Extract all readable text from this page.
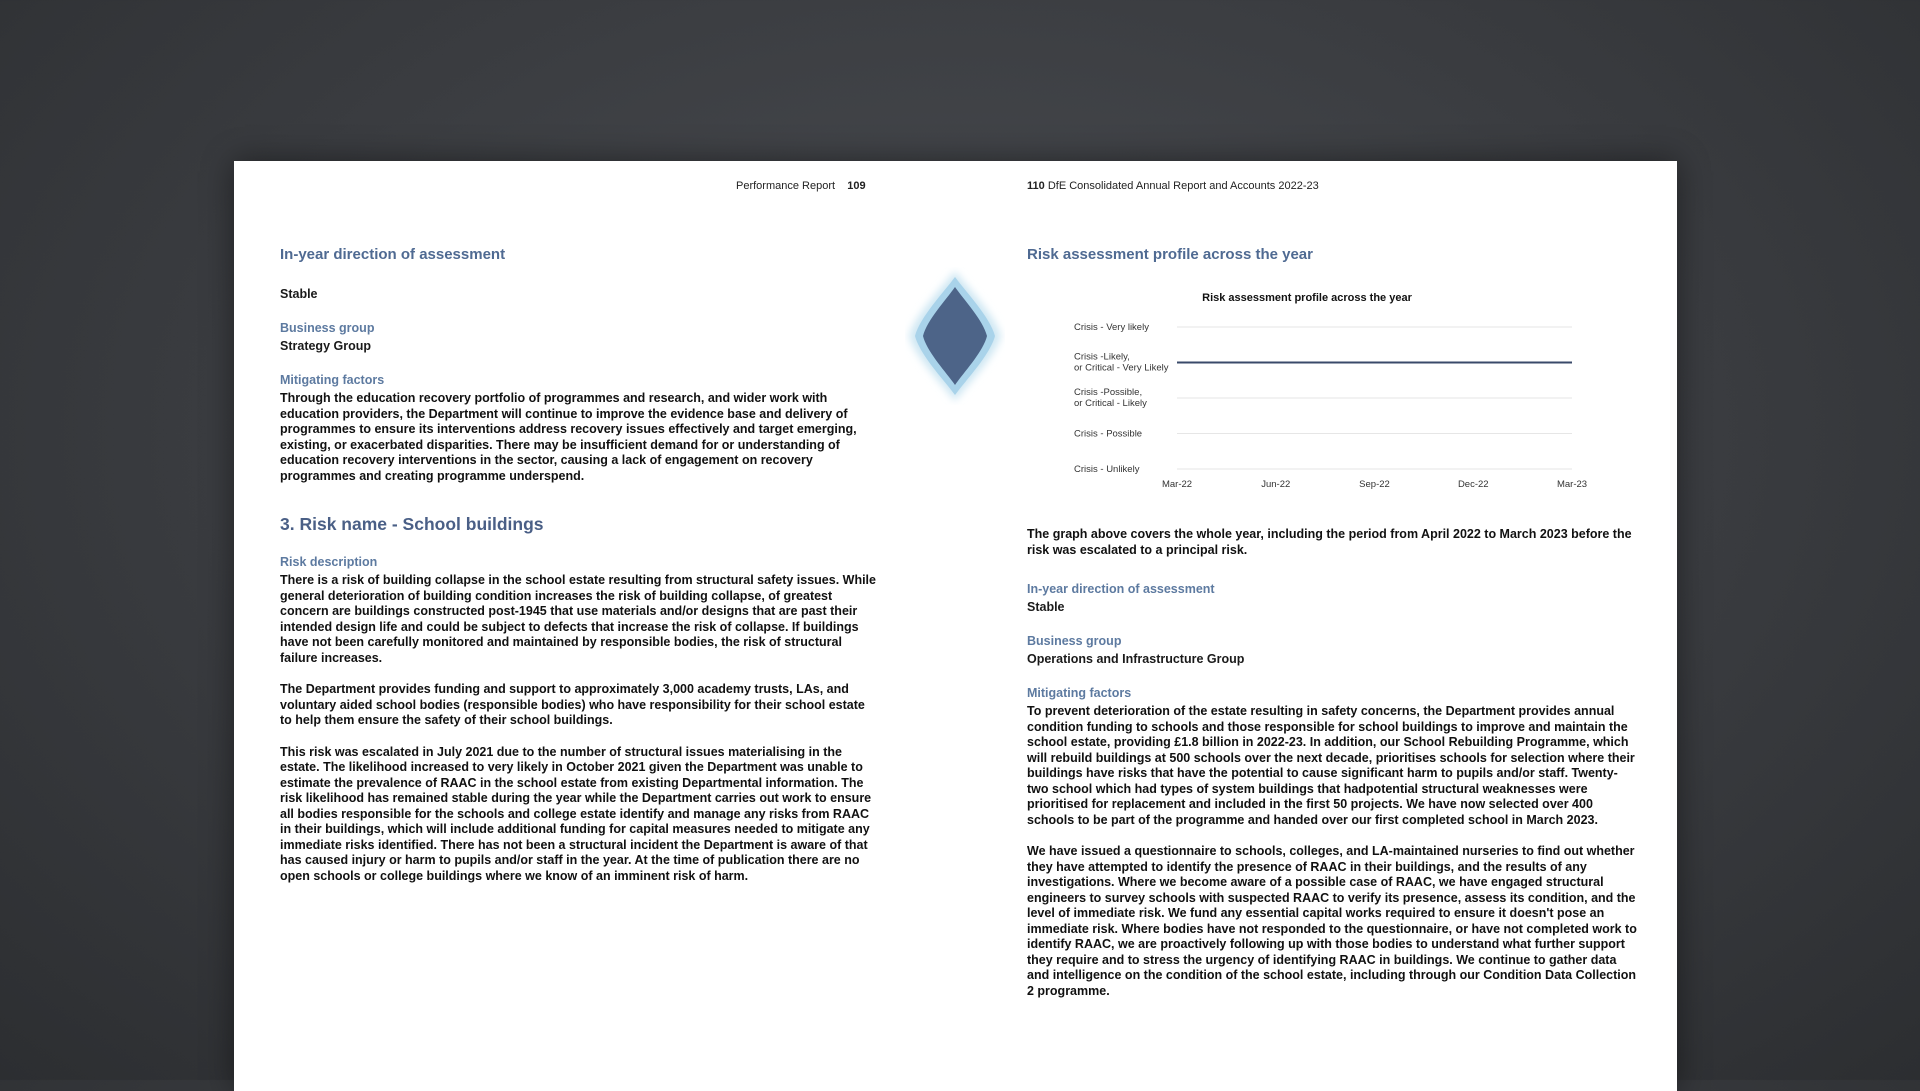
Performance Report 109	110 DfE Consolidated Annual Report and Accounts 2022-23
In-year direction of assessment
Stable
Business group
Strategy Group
Mitigating factors

Through the education recovery portfolio of programmes and research, and wider work with education providers, the Department will continue to improve the evidence base and delivery of programmes to ensure its interventions address recovery issues effectively and target emerging, existing, or exacerbated disparities. There may be insufficient demand for or understanding of education recovery interventions in the sector, causing a lack of engagement on recovery programmes and creating programme underspend.

3. Risk name - School buildings
Risk description

There is a risk of building collapse in the school estate resulting from structural safety issues. While general deterioration of building condition increases the risk of building collapse, of greatest concern are buildings constructed post-1945 that use materials and/or designs that are past their intended design life and could be subject to defects that increase the risk of collapse. If buildings have not been carefully monitored and maintained by responsible bodies, the risk of structural failure increases.

The Department provides funding and support to approximately 3,000 academy trusts, LAs, and voluntary aided school bodies (responsible bodies) who have responsibility for their school estate to help them ensure the safety of their school buildings.

This risk was escalated in July 2021 due to the number of structural issues materialising in the estate. The likelihood increased to very likely in October 2021 given the Department was unable to estimate the prevalence of RAAC in the school estate from existing Departmental information. The risk likelihood has remained stable during the year while the Department carries out work to ensure all bodies responsible for the schools and college estate identify and manage any risks from RAAC in their buildings, which will include additional funding for capital measures needed to mitigate any immediate risks identified. There has not been a structural incident the Department is aware of that has caused injury or harm to pupils and/or staff in the year. At the time of publication there are no open schools or college buildings where we know of an imminent risk of harm.

Risk assessment profile across the year
Risk assessment profile across the year
Crisis - Unlikely
Crisis - Possible
Crisis -Possible, or Critical - Likely
Crisis -Likely, or Critical - Very Likely
Crisis - Very likely
Mar-22	Jun-22	Sep-22	Dec-22	Mar-23

The graph above covers the whole year, including the period from April 2022 to March 2023 before the risk was escalated to a principal risk.

In-year direction of assessment
Stable
Business group
Operations and Infrastructure Group
Mitigating factors

To prevent deterioration of the estate resulting in safety concerns, the Department provides annual condition funding to schools and those responsible for school buildings to improve and maintain the school estate, providing £1.8 billion in 2022-23. In addition, our School Rebuilding Programme, which will rebuild buildings at 500 schools over the next decade, prioritises schools for selection where their buildings have risks that have the potential to cause significant harm to pupils and/or staff. Twenty-two school which had types of system buildings that hadpotential structural weaknesses were prioritised for replacement and included in the first 50 projects. We have now selected over 400 schools to be part of the programme and handed over our first completed school in March 2023.

We have issued a questionnaire to schools, colleges, and LA-maintained nurseries to find out whether they have attempted to identify the presence of RAAC in their buildings, and the results of any investigations. Where we become aware of a possible case of RAAC, we have engaged structural engineers to survey schools with suspected RAAC to verify its presence, assess its condition, and the level of immediate risk. We fund any essential capital works required to ensure it doesn't pose an immediate risk. Where bodies have not responded to the questionnaire, or have not completed work to identify RAAC, we are proactively following up with those bodies to understand what further support they require and to stress the urgency of identifying RAAC in buildings. We continue to gather data and intelligence on the condition of the school estate, including through our Condition Data Collection 2 programme.
